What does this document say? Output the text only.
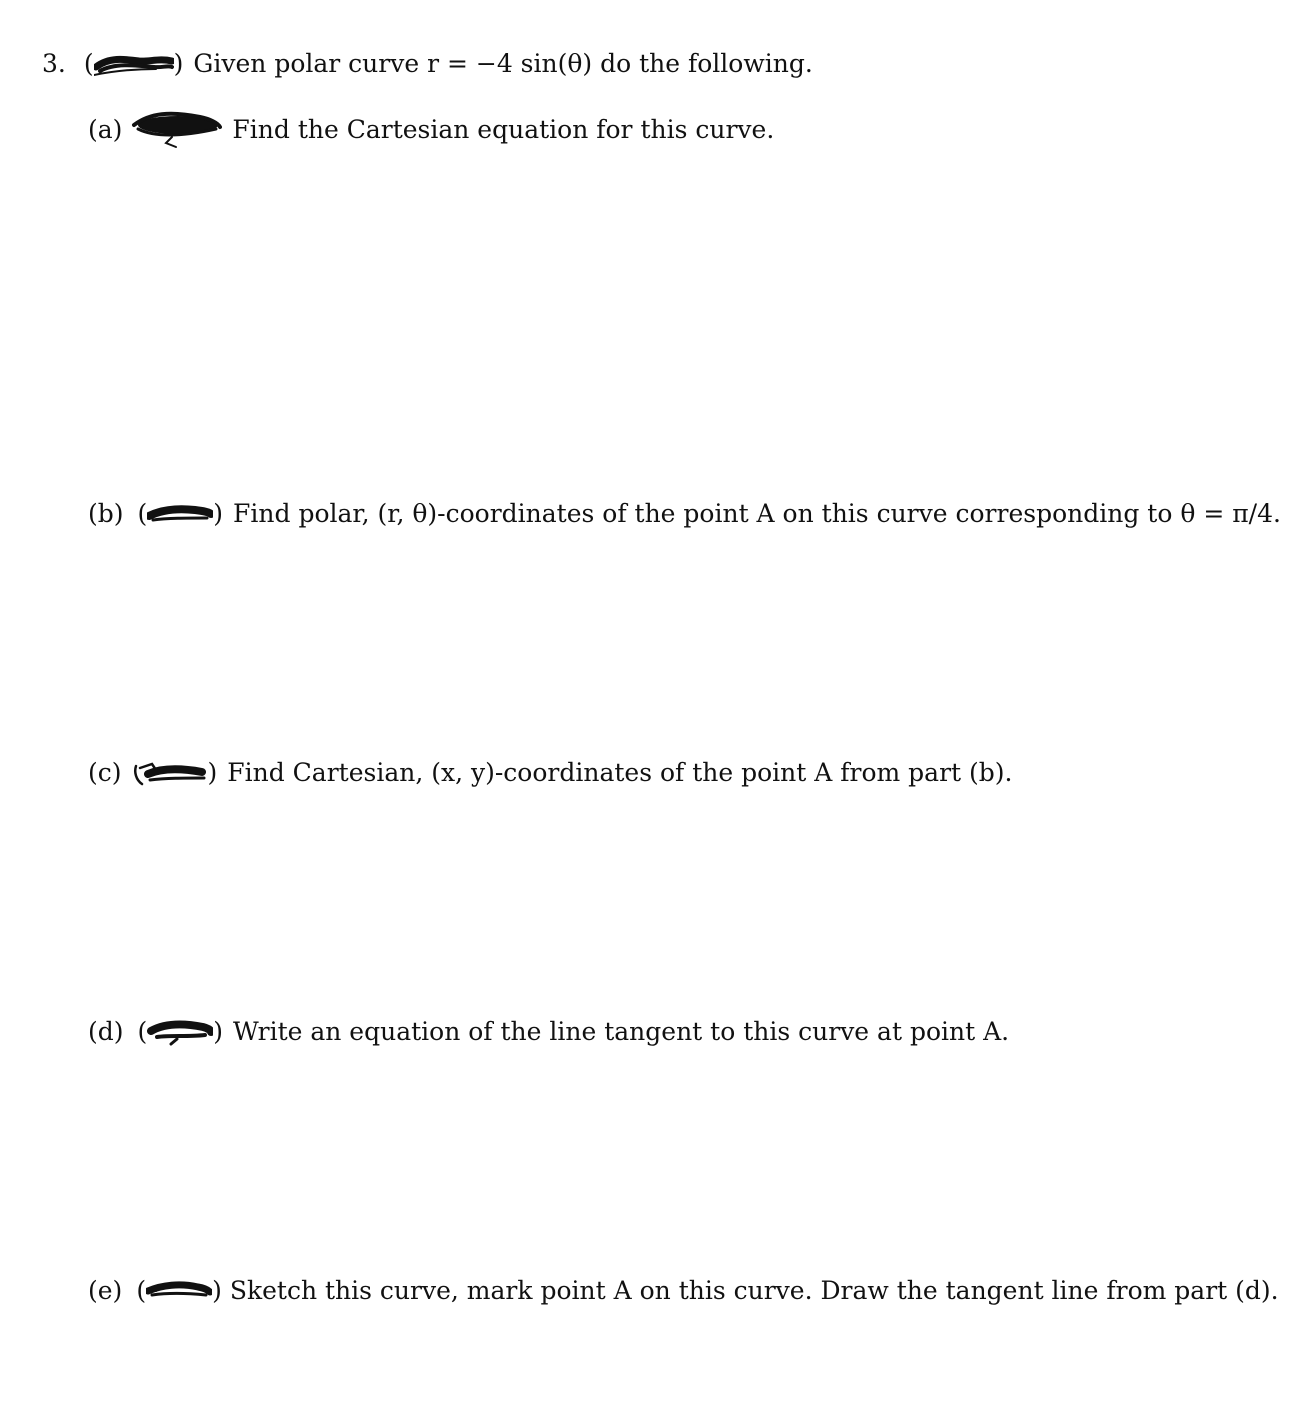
3. (	) Given polar curve r = −4 sin(θ) do the following.
(a)	Find the Cartesian equation for this curve.
(b) (	) Find polar, (r, θ)-coordinates of the point A on this curve corresponding to θ = π/4.
(c)	) Find Cartesian, (x, y)-coordinates of the point A from part (b).
(d) (	) Write an equation of the line tangent to this curve at point A.
(e) (	) Sketch this curve, mark point A on this curve. Draw the tangent line from part (d).
